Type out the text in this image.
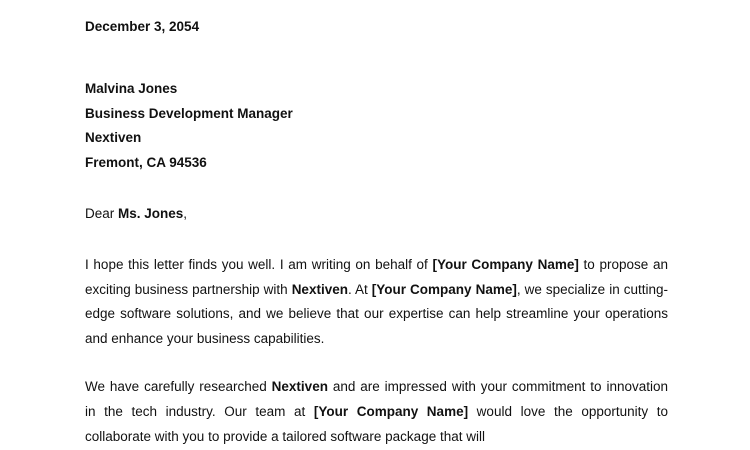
December 3, 2054

Malvina Jones
Business Development Manager
Nextiven
Fremont, CA 94536

Dear Ms. Jones,

I hope this letter finds you well. I am writing on behalf of [Your Company Name] to propose an exciting business partnership with Nextiven. At [Your Company Name], we specialize in cutting-edge software solutions, and we believe that our expertise can help streamline your operations and enhance your business capabilities.

We have carefully researched Nextiven and are impressed with your commitment to innovation in the tech industry. Our team at [Your Company Name] would love the opportunity to collaborate with you to provide a tailored software package that will
